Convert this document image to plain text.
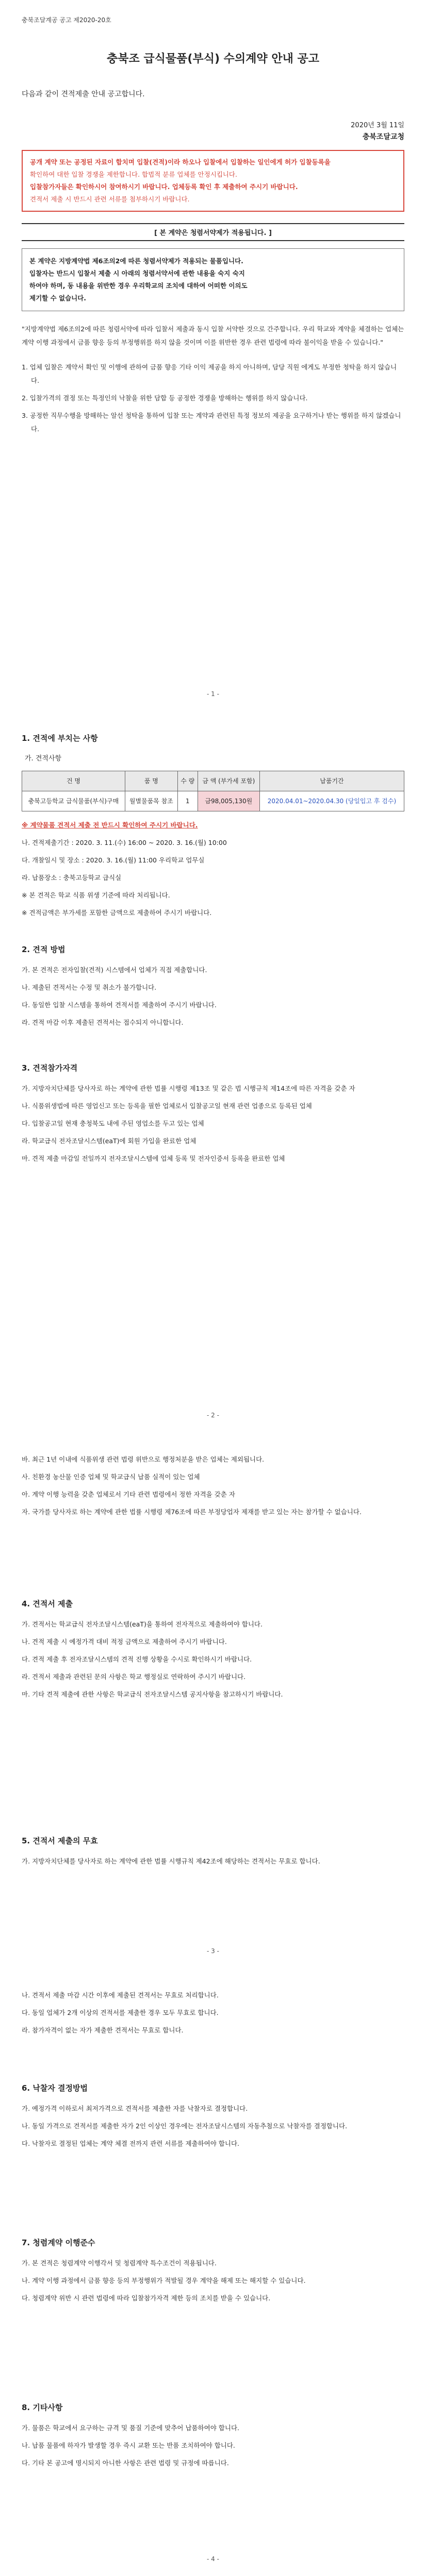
충북조달계공 공고 제2020-20호
충북조 급식물품(부식) 수의계약 안내 공고
다음과 같이 견적제출 안내 공고합니다.
2020년 3월 11일
충북조달교청
공개 계약 또는 공정된 자료이 합치며 입찰(견적)이라 하오나 입찰에서 입찰하는 일인에게 허가 입찰등록을
확인하여 대한 입찰 경쟁을 제한합니다. 합법적 분류 업체를 안정시킵니다.
입찰참가자들은 확인하시어 참여하시기 바랍니다. 업체등록 확인 후 제출하여 주시기 바랍니다.
견적서 제출 시 반드시 관련 서류를 첨부하시기 바랍니다.
[ 본 계약은 청렴서약제가 적용됩니다. ]
본 계약은 지방계약법 제6조의2에 따른 청렴서약제가 적용되는 물품입니다.
입찰자는 반드시 입찰서 제출 시 아래의 청렴서약서에 관한 내용을 숙지 숙지
하여야 하며, 동 내용을 위반한 경우 우리학교의 조치에 대하여 어떠한 이의도
제기할 수 없습니다.

"지방계약법 제6조의2에 따른 청렴서약에 따라 입찰서 제출과 동시 입찰 서약한 것으로 간주합니다. 우리 학교와 계약을 체결하는 업체는 계약 이행 과정에서 금품 향응 등의 부정행위를 하지 않을 것이며 이를 위반한 경우 관련 법령에 따라 불이익을 받을 수 있습니다."

1. 업체 입찰은 계약서 확인 및 이행에 관하여 금품 향응 기타 이익 제공을 하지 아니하며, 담당 직원 에게도 부정한 청탁을 하지 않습니다.
2. 입찰가격의 결정 또는 특정인의 낙찰을 위한 담합 등 공정한 경쟁을 방해하는 행위를 하지 않습니다.
3. 공정한 직무수행을 방해하는 알선 청탁을 통하여 입찰 또는 계약과 관련된 특정 정보의 제공을 요구하거나 받는 행위를 하지 않겠습니다.
- 1 -
1. 견적에 부치는 사항
가. 견적사항
건 명	품 명	수 량	금 액 (부가세 포함)	납품기간
충북고등학교 급식물품(부식)구매	월별물품목 참조	1	금98,005,130원	2020.04.01~2020.04.30 (당일입고 후 검수)
※ 계약물품 견적서 제출 전 반드시 확인하여 주시기 바랍니다.
나. 견적제출기간 : 2020. 3. 11.(수) 16:00 ~ 2020. 3. 16.(월) 10:00
다. 개찰일시 및 장소 : 2020. 3. 16.(월) 11:00 우리학교 업무실
라. 납품장소 : 충북고등학교 급식실
※ 본 견적은 학교 식품 위생 기준에 따라 처리됩니다.
※ 견적금액은 부가세를 포함한 금액으로 제출하여 주시기 바랍니다.
2. 견적 방법
가. 본 견적은 전자입찰(견적) 시스템에서 업체가 직접 제출합니다.
나. 제출된 견적서는 수정 및 취소가 불가합니다.
다. 동일한 입찰 시스템을 통하여 견적서를 제출하여 주시기 바랍니다.
라. 견적 마감 이후 제출된 견적서는 접수되지 아니합니다.
3. 견적참가자격
가. 지방자치단체를 당사자로 하는 계약에 관한 법률 시행령 제13조 및 같은 법 시행규칙 제14조에 따른 자격을 갖춘 자
나. 식품위생법에 따른 영업신고 또는 등록을 필한 업체로서 입찰공고일 현재 관련 업종으로 등록된 업체
다. 입찰공고일 현재 충청북도 내에 주된 영업소를 두고 있는 업체
라. 학교급식 전자조달시스템(eaT)에 회원 가입을 완료한 업체
마. 견적 제출 마감일 전일까지 전자조달시스템에 업체 등록 및 전자인증서 등록을 완료한 업체
- 2 -
바. 최근 1년 이내에 식품위생 관련 법령 위반으로 행정처분을 받은 업체는 제외됩니다.
사. 친환경 농산물 인증 업체 및 학교급식 납품 실적이 있는 업체
아. 계약 이행 능력을 갖춘 업체로서 기타 관련 법령에서 정한 자격을 갖춘 자
자. 국가를 당사자로 하는 계약에 관한 법률 시행령 제76조에 따른 부정당업자 제재를 받고 있는 자는 참가할 수 없습니다.
4. 견적서 제출
가. 견적서는 학교급식 전자조달시스템(eaT)을 통하여 전자적으로 제출하여야 합니다.
나. 견적 제출 시 예정가격 대비 적정 금액으로 제출하여 주시기 바랍니다.
다. 견적 제출 후 전자조달시스템의 견적 진행 상황을 수시로 확인하시기 바랍니다.
라. 견적서 제출과 관련된 문의 사항은 학교 행정실로 연락하여 주시기 바랍니다.
마. 기타 견적 제출에 관한 사항은 학교급식 전자조달시스템 공지사항을 참고하시기 바랍니다.
5. 견적서 제출의 무효
가. 지방자치단체를 당사자로 하는 계약에 관한 법률 시행규칙 제42조에 해당하는 견적서는 무효로 합니다.
- 3 -
나. 견적서 제출 마감 시간 이후에 제출된 견적서는 무효로 처리합니다.
다. 동일 업체가 2개 이상의 견적서를 제출한 경우 모두 무효로 합니다.
라. 참가자격이 없는 자가 제출한 견적서는 무효로 합니다.
6. 낙찰자 결정방법
가. 예정가격 이하로서 최저가격으로 견적서를 제출한 자를 낙찰자로 결정합니다.
나. 동일 가격으로 견적서를 제출한 자가 2인 이상인 경우에는 전자조달시스템의 자동추첨으로 낙찰자를 결정합니다.
다. 낙찰자로 결정된 업체는 계약 체결 전까지 관련 서류를 제출하여야 합니다.
7. 청렴계약 이행준수
가. 본 견적은 청렴계약 이행각서 및 청렴계약 특수조건이 적용됩니다.
나. 계약 이행 과정에서 금품 향응 등의 부정행위가 적발될 경우 계약을 해제 또는 해지할 수 있습니다.
다. 청렴계약 위반 시 관련 법령에 따라 입찰참가자격 제한 등의 조치를 받을 수 있습니다.
8. 기타사항
가. 물품은 학교에서 요구하는 규격 및 품질 기준에 맞추어 납품하여야 합니다.
나. 납품 물품에 하자가 발생할 경우 즉시 교환 또는 반품 조치하여야 합니다.
다. 기타 본 공고에 명시되지 아니한 사항은 관련 법령 및 규정에 따릅니다.
- 4 -
